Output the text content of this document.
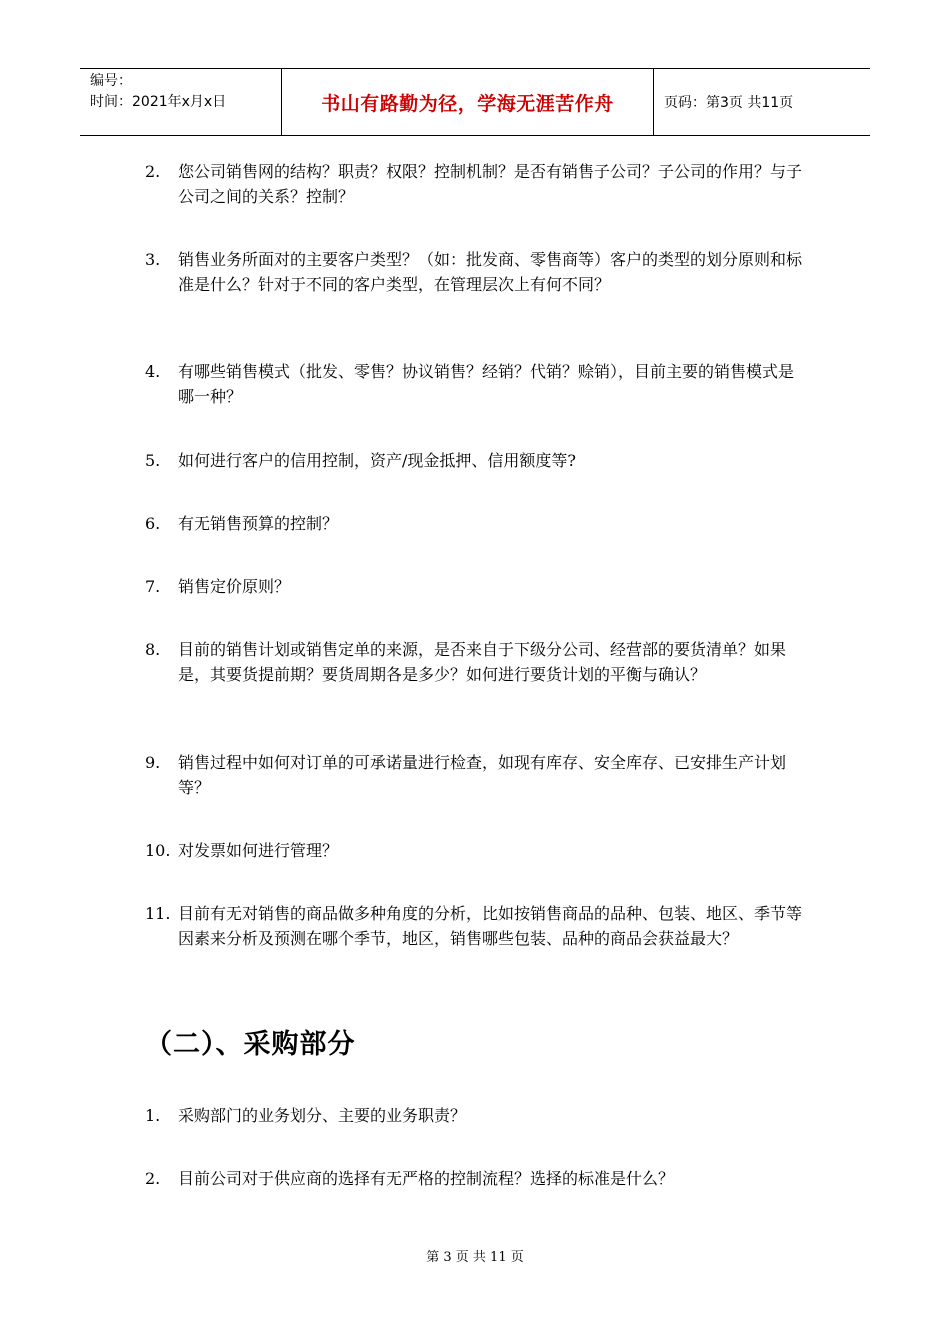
编号：
时间：2021年x月x日	书山有路勤为径，学海无涯苦作舟	页码：第3页 共11页
2.	您公司销售网的结构？职责？权限？控制机制？是否有销售子公司？子公司的作用？与子公司之间的关系？控制？
3.	销售业务所面对的主要客户类型？（如：批发商、零售商等）客户的类型的划分原则和标准是什么？针对于不同的客户类型，在管理层次上有何不同？
4.	有哪些销售模式（批发、零售？协议销售？经销？代销？赊销），目前主要的销售模式是哪一种？
5.	如何进行客户的信用控制，资产/现金抵押、信用额度等?
6.	有无销售预算的控制？
7.	销售定价原则？
8.	目前的销售计划或销售定单的来源，是否来自于下级分公司、经营部的要货清单？如果是，其要货提前期？要货周期各是多少？如何进行要货计划的平衡与确认？
9.	销售过程中如何对订单的可承诺量进行检查，如现有库存、安全库存、已安排生产计划等？
10. 对发票如何进行管理？
11. 目前有无对销售的商品做多种角度的分析，比如按销售商品的品种、包装、地区、季节等因素来分析及预测在哪个季节，地区，销售哪些包装、品种的商品会获益最大？
（二）、采购部分
1.	采购部门的业务划分、主要的业务职责？
2.	目前公司对于供应商的选择有无严格的控制流程？选择的标准是什么？
第 3 页 共 11 页
